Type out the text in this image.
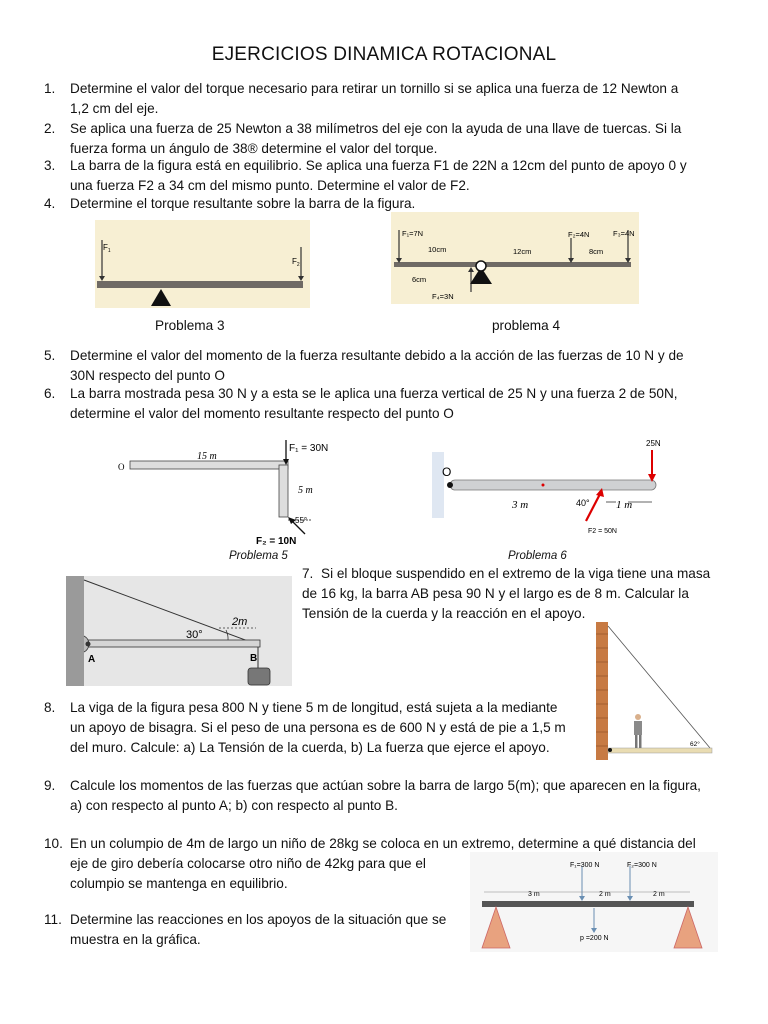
EJERCICIOS DINAMICA ROTACIONAL
1. Determine el valor del torque necesario para retirar un tornillo si se aplica una fuerza de 12 Newton a
1,2 cm del eje.
2. Se aplica una fuerza de 25 Newton a 38 milímetros del eje con la ayuda de una llave de tuercas. Si la
fuerza forma un ángulo de 38® determine el valor del torque.
3. La barra de la figura está en equilibrio. Se aplica una fuerza F1 de 22N a 12cm del punto de apoyo 0 y
una fuerza F2 a 34 cm del mismo punto. Determine el valor de F2.
4. Determine el torque resultante sobre la barra de la figura.
$F_1$
$F_2$
Problema 3
F₁=7N	F₂=4N	F₃=4N
F₄=3N
10cm	12cm	8cm
6cm
problema 4
5. Determine el valor del momento de la fuerza resultante debido a la acción de las fuerzas de 10 N y de
30N respecto del punto O
6. La barra mostrada pesa 30 N y a esta se le aplica una fuerza vertical de 25 N y una fuerza 2 de 50N,
determine el valor del momento resultante respecto del punto O
O
15 m
5 m
F₁ = 30N
55°
F₂ = 10N
Problema 5
O
25N
40°
3 m	1 m
F2 = 50N
Problema 6
7. Si el bloque suspendido en el extremo de la viga tiene una masa
de 16 kg, la barra AB pesa 90 N y el largo es de 8 m. Calcular la
Tensión de la cuerda y la reacción en el apoyo.
30°
2m
A	B
62°
8. La viga de la figura pesa 800 N y tiene 5 m de longitud, está sujeta a la mediante
un apoyo de bisagra. Si el peso de una persona es de 600 N y está de pie a 1,5 m
del muro. Calcule: a) La Tensión de la cuerda, b) La fuerza que ejerce el apoyo.
9. Calcule los momentos de las fuerzas que actúan sobre la barra de largo 5(m); que aparecen en la figura,
a) con respecto al punto A; b) con respecto al punto B.
10. En un columpio de 4m de largo un niño de 28kg se coloca en un extremo, determine a qué distancia del
eje de giro debería colocarse otro niño de 42kg para que el
columpio se mantenga en equilibrio.
11. Determine las reacciones en los apoyos de la situación que se
muestra en la gráfica.
F₁=300 N	F₂=300 N
3 m	2 m	2 m
p =200 N
